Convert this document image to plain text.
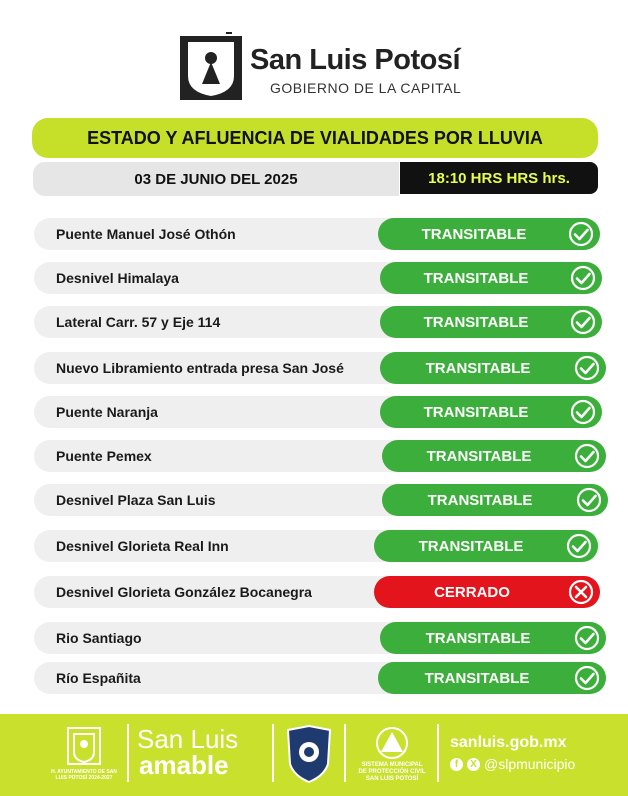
San Luis Potosí
GOBIERNO DE LA CAPITAL
ESTADO Y AFLUENCIA DE VIALIDADES POR LLUVIA
03 DE JUNIO DEL 2025	18:10 HRS HRS hrs.
Puente Manuel José Othón	TRANSITABLE
Desnivel Himalaya	TRANSITABLE
Lateral Carr. 57 y Eje 114	TRANSITABLE
Nuevo Libramiento entrada presa San José	TRANSITABLE
Puente Naranja	TRANSITABLE
Puente Pemex	TRANSITABLE
Desnivel Plaza San Luis	TRANSITABLE
Desnivel Glorieta Real Inn	TRANSITABLE
Desnivel Glorieta González Bocanegra	CERRADO
Rio Santiago	TRANSITABLE
Río Españita	TRANSITABLE
H. AYUNTAMIENTO DE SAN LUIS POTOSÍ 2024-2027
San Luis
amable	SISTEMA MUNICIPAL DE PROTECCIÓN CIVIL SAN LUIS POTOSÍ
sanluis.gob.mx
f	X @slpmunicipio
